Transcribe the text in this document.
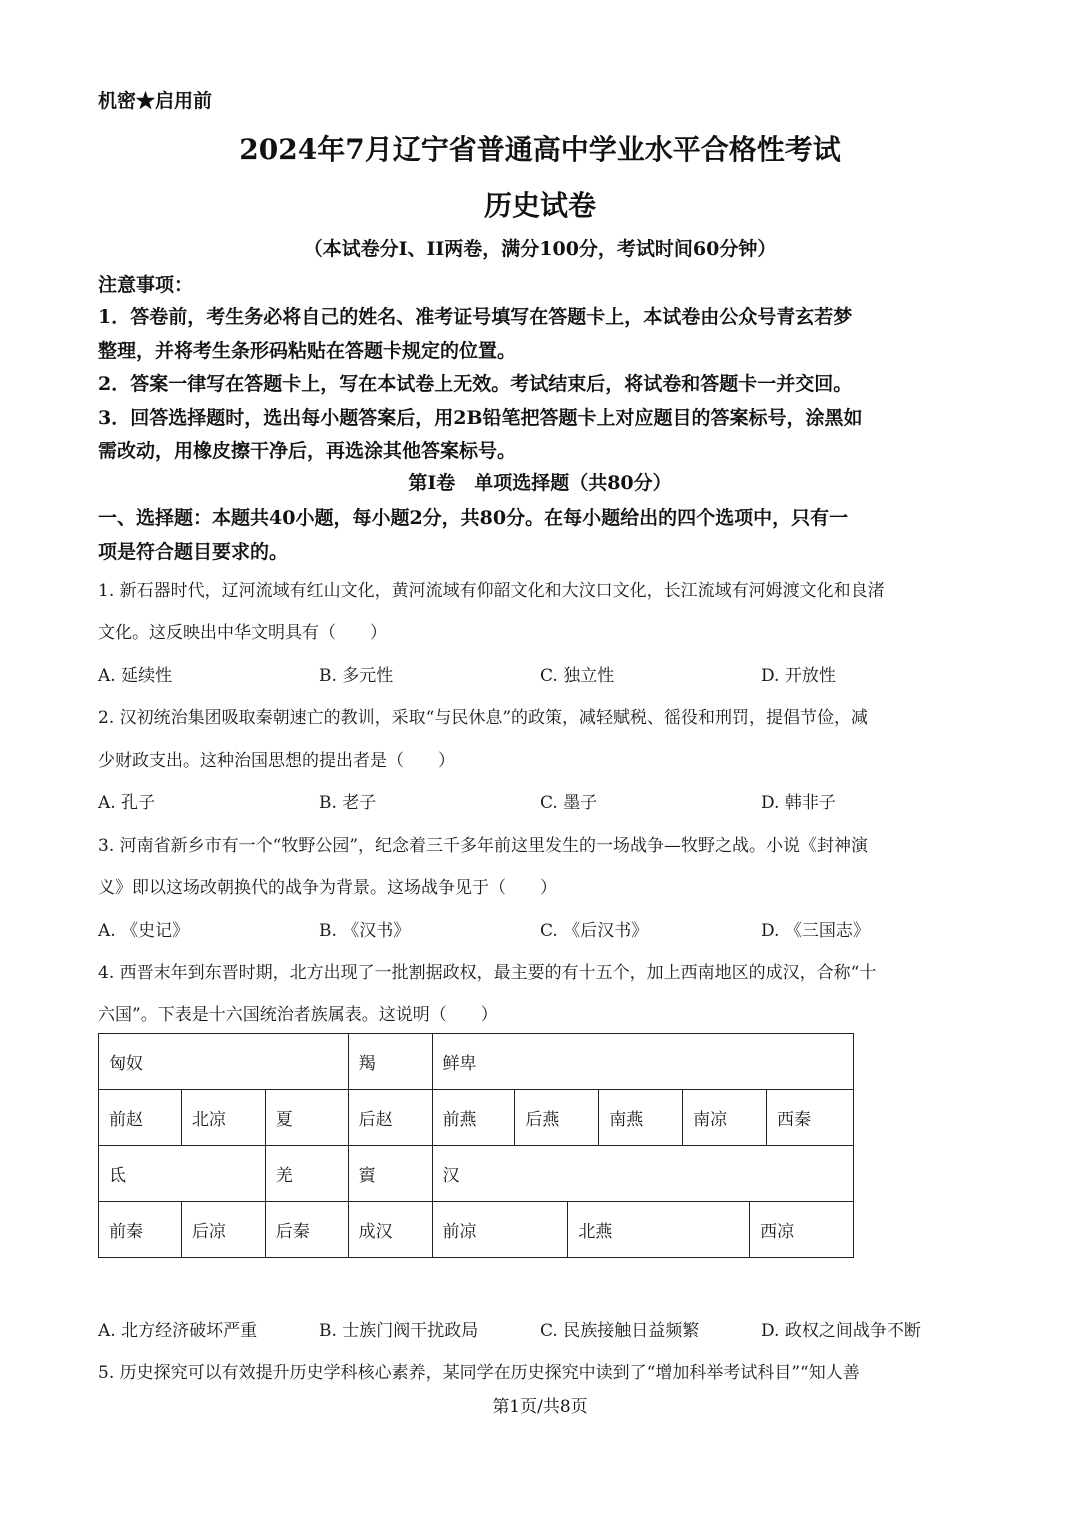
机密★启用前
2024年7月辽宁省普通高中学业水平合格性考试
历史试卷
（本试卷分I、II两卷，满分100分，考试时间60分钟）
注意事项：
1．答卷前，考生务必将自己的姓名、准考证号填写在答题卡上，本试卷由公众号青玄若梦
整理，并将考生条形码粘贴在答题卡规定的位置。
2．答案一律写在答题卡上，写在本试卷上无效。考试结束后，将试卷和答题卡一并交回。
3．回答选择题时，选出每小题答案后，用2B铅笔把答题卡上对应题目的答案标号，涂黑如
需改动，用橡皮擦干净后，再选涂其他答案标号。
第I卷　单项选择题（共80分）
一、选择题：本题共40小题，每小题2分，共80分。在每小题给出的四个选项中，只有一
项是符合题目要求的。
1. 新石器时代，辽河流域有红山文化，黄河流域有仰韶文化和大汶口文化，长江流域有河姆渡文化和良渚
文化。这反映出中华文明具有（　　）
A. 延续性	B. 多元性	C. 独立性	D. 开放性
2. 汉初统治集团吸取秦朝速亡的教训，采取“与民休息”的政策，减轻赋税、徭役和刑罚，提倡节俭，减
少财政支出。这种治国思想的提出者是（　　）
A. 孔子	B. 老子	C. 墨子	D. 韩非子
3. 河南省新乡市有一个“牧野公园”，纪念着三千多年前这里发生的一场战争—牧野之战。小说《封神演
义》即以这场改朝换代的战争为背景。这场战争见于（　　）
A. 《史记》	B. 《汉书》	C. 《后汉书》	D. 《三国志》
4. 西晋末年到东晋时期，北方出现了一批割据政权，最主要的有十五个，加上西南地区的成汉，合称“十
六国”。下表是十六国统治者族属表。这说明（　　）
匈奴			羯	鲜卑						
前赵	北凉	夏	后赵	前燕	后燕		南燕	南凉		西秦
氐		羌	賨	汉						
前秦	后凉	后秦	成汉	前凉		北燕			西凉	
A. 北方经济破坏严重	B. 士族门阀干扰政局	C. 民族接触日益频繁	D. 政权之间战争不断
5. 历史探究可以有效提升历史学科核心素养，某同学在历史探究中读到了“增加科举考试科目”“知人善
第1页/共8页
